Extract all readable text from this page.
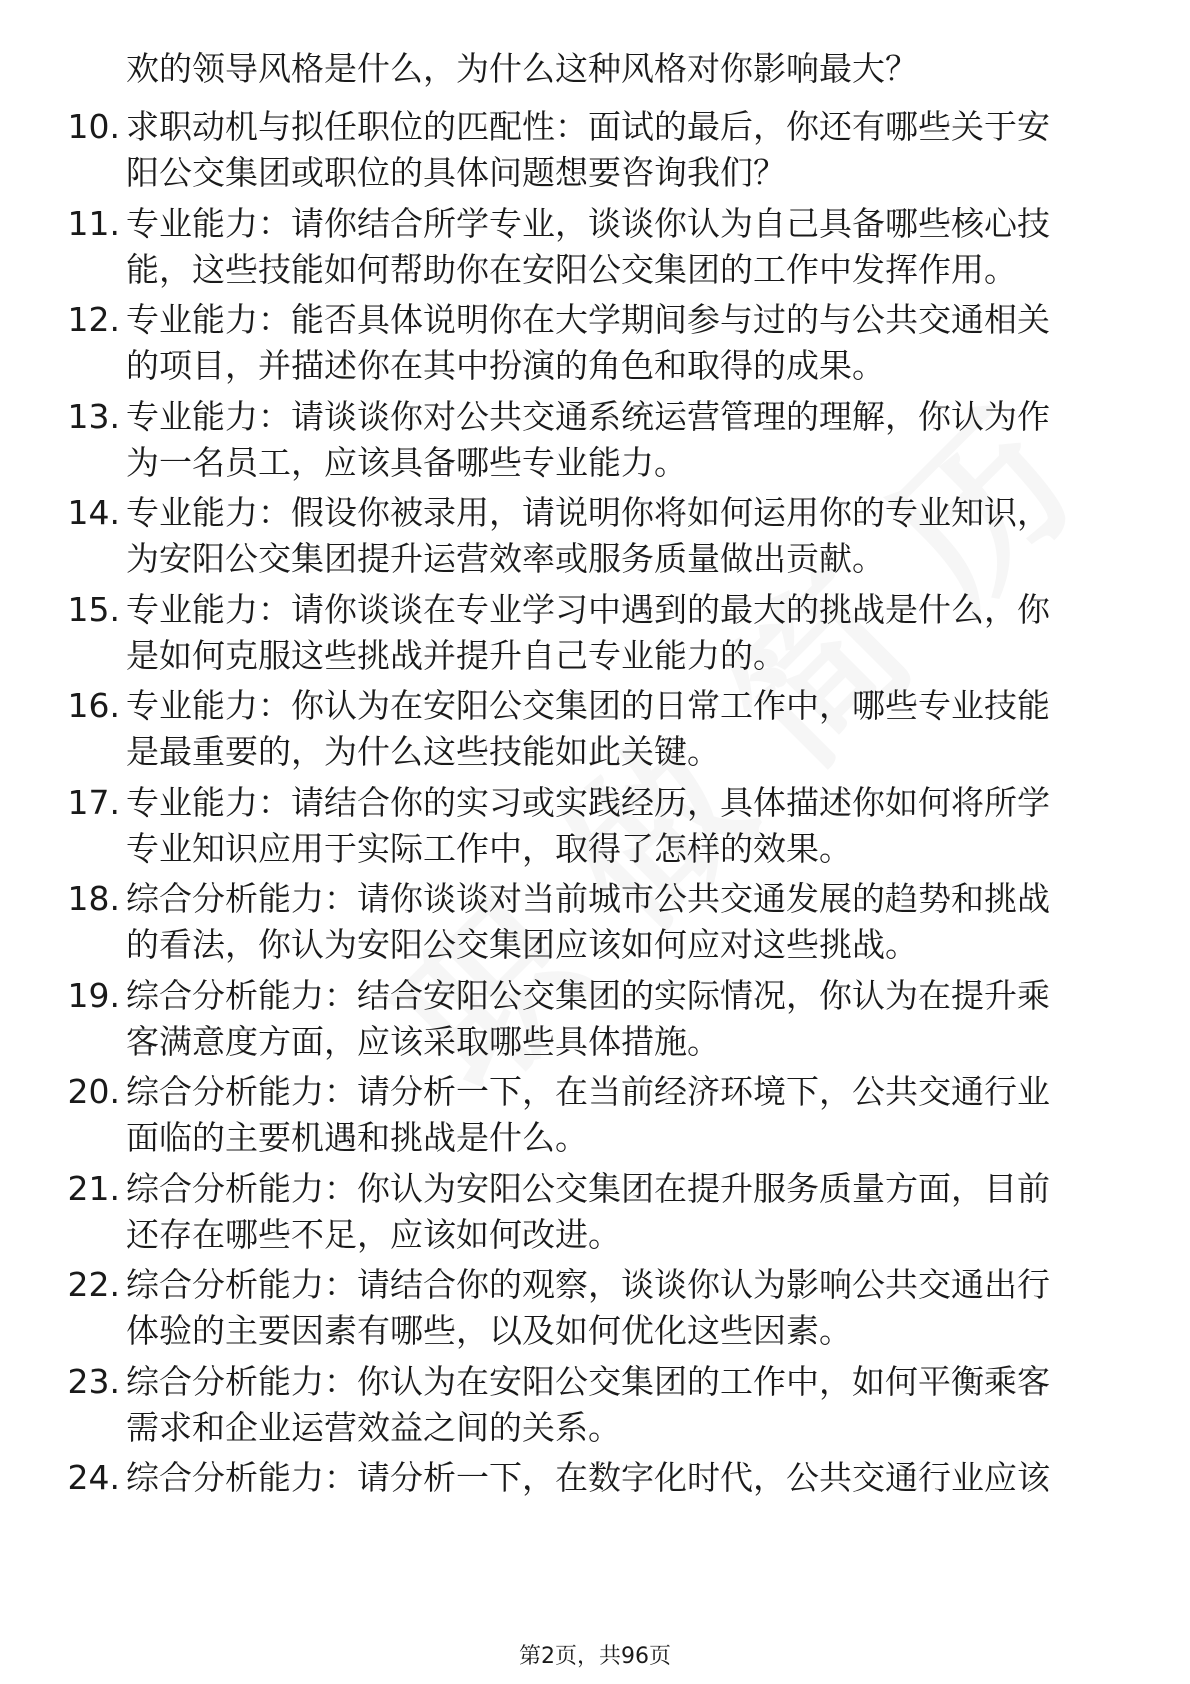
欢的领导风格是什么，为什么这种风格对你影响最大？
10. 求职动机与拟任职位的匹配性：面试的最后，你还有哪些关于安
阳公交集团或职位的具体问题想要咨询我们？
11. 专业能力：请你结合所学专业，谈谈你认为自己具备哪些核心技
能，这些技能如何帮助你在安阳公交集团的工作中发挥作用。
12. 专业能力：能否具体说明你在大学期间参与过的与公共交通相关
的项目，并描述你在其中扮演的角色和取得的成果。
13. 专业能力：请谈谈你对公共交通系统运营管理的理解，你认为作
为一名员工，应该具备哪些专业能力。
14. 专业能力：假设你被录用，请说明你将如何运用你的专业知识，
为安阳公交集团提升运营效率或服务质量做出贡献。
15. 专业能力：请你谈谈在专业学习中遇到的最大的挑战是什么，你
是如何克服这些挑战并提升自己专业能力的。
16. 专业能力：你认为在安阳公交集团的日常工作中，哪些专业技能
是最重要的，为什么这些技能如此关键。
17. 专业能力：请结合你的实习或实践经历，具体描述你如何将所学
专业知识应用于实际工作中，取得了怎样的效果。
18. 综合分析能力：请你谈谈对当前城市公共交通发展的趋势和挑战
的看法，你认为安阳公交集团应该如何应对这些挑战。
19. 综合分析能力：结合安阳公交集团的实际情况，你认为在提升乘
客满意度方面，应该采取哪些具体措施。
20. 综合分析能力：请分析一下，在当前经济环境下，公共交通行业
面临的主要机遇和挑战是什么。
21. 综合分析能力：你认为安阳公交集团在提升服务质量方面，目前
还存在哪些不足，应该如何改进。
22. 综合分析能力：请结合你的观察，谈谈你认为影响公共交通出行
体验的主要因素有哪些，以及如何优化这些因素。
23. 综合分析能力：你认为在安阳公交集团的工作中，如何平衡乘客
需求和企业运营效益之间的关系。
24. 综合分析能力：请分析一下，在数字化时代，公共交通行业应该
第2页，共96页
